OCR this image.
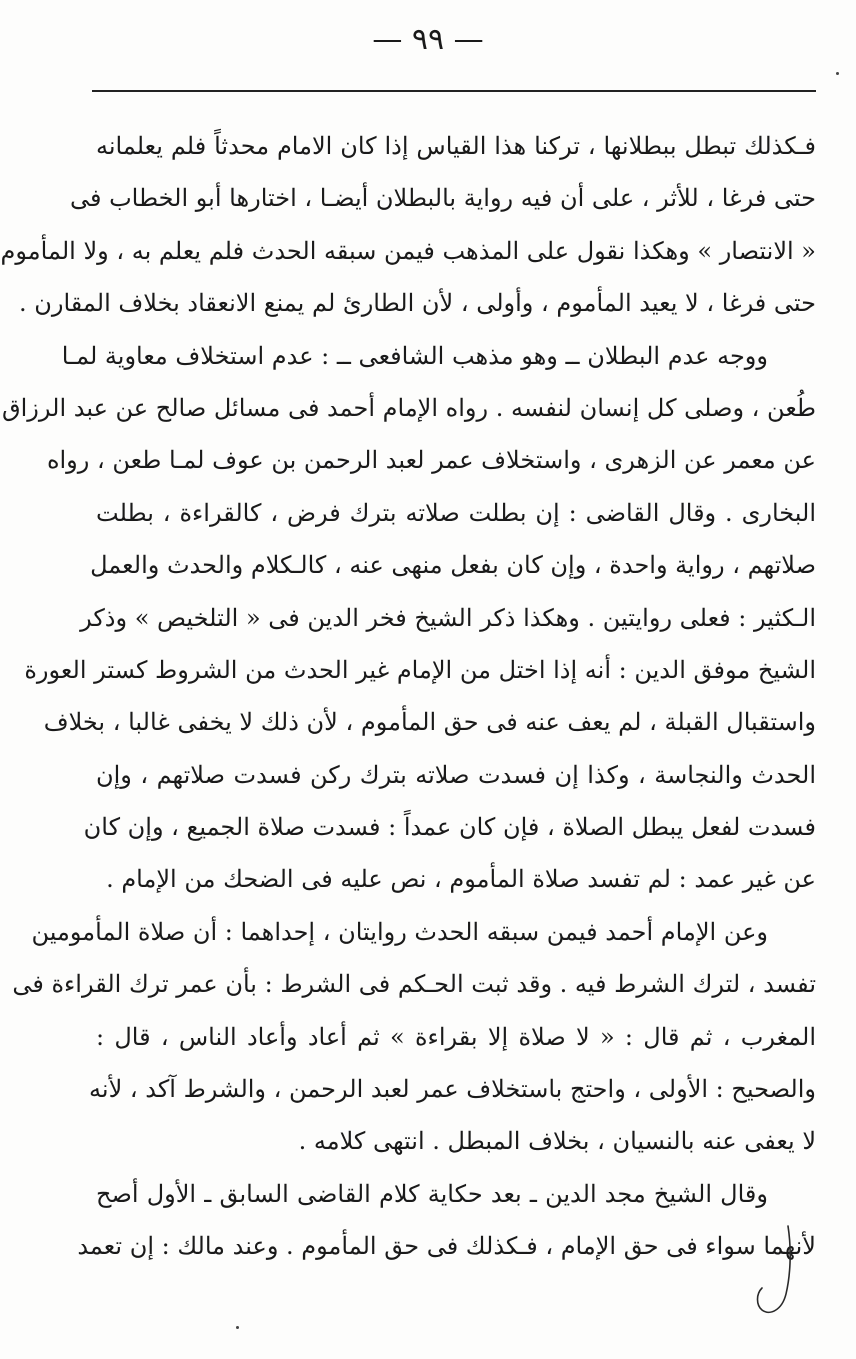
— ٩٩ —
فـكذلك تبطل ببطلانها ، تركنا هذا القياس إذا كان الامام محدثاً فلم يعلمانه
حتى فرغا ، للأثر ، على أن فيه رواية بالبطلان أيضـا ، اختارها أبو الخطاب فى
« الانتصار » وهكذا نقول على المذهب فيمن سبقه الحدث فلم يعلم به ، ولا المأموم
حتى فرغا ، لا يعيد المأموم ، وأولى ، لأن الطارئ لم يمنع الانعقاد بخلاف المقارن .
ووجه عدم البطلان ــ وهو مذهب الشافعى ــ : عدم استخلاف معاوية لمـا
طُعن ، وصلى كل إنسان لنفسه . رواه الإمام أحمد فى مسائل صالح عن عبد الرزاق
عن معمر عن الزهرى ، واستخلاف عمر لعبد الرحمن بن عوف لمـا طعن ، رواه
البخارى . وقال القاضى : إن بطلت صلاته بترك فرض ، كالقراءة ، بطلت
صلاتهم ، رواية واحدة ، وإن كان بفعل منهى عنه ، كالـكلام والحدث والعمل
الـكثير : فعلى روايتين . وهكذا ذكر الشيخ فخر الدين فى « التلخيص » وذكر
الشيخ موفق الدين : أنه إذا اختل من الإمام غير الحدث من الشروط كستر العورة
واستقبال القبلة ، لم يعف عنه فى حق المأموم ، لأن ذلك لا يخفى غالبا ، بخلاف
الحدث والنجاسة ، وكذا إن فسدت صلاته بترك ركن فسدت صلاتهم ، وإن
فسدت لفعل يبطل الصلاة ، فإن كان عمداً : فسدت صلاة الجميع ، وإن كان
عن غير عمد : لم تفسد صلاة المأموم ، نص عليه فى الضحك من الإمام .
وعن الإمام أحمد فيمن سبقه الحدث روايتان ، إحداهما : أن صلاة المأمومين
تفسد ، لترك الشرط فيه . وقد ثبت الحـكم فى الشرط : بأن عمر ترك القراءة فى
المغرب ، ثم قال : « لا صلاة إلا بقراءة » ثم أعاد وأعاد الناس ، قال :
والصحيح : الأولى ، واحتج باستخلاف عمر لعبد الرحمن ، والشرط آكد ، لأنه
لا يعفى عنه بالنسيان ، بخلاف المبطل . انتهى كلامه .
وقال الشيخ مجد الدين ـ بعد حكاية كلام القاضى السابق ـ الأول أصح
لأنهما سواء فى حق الإمام ، فـكذلك فى حق المأموم . وعند مالك : إن تعمد
